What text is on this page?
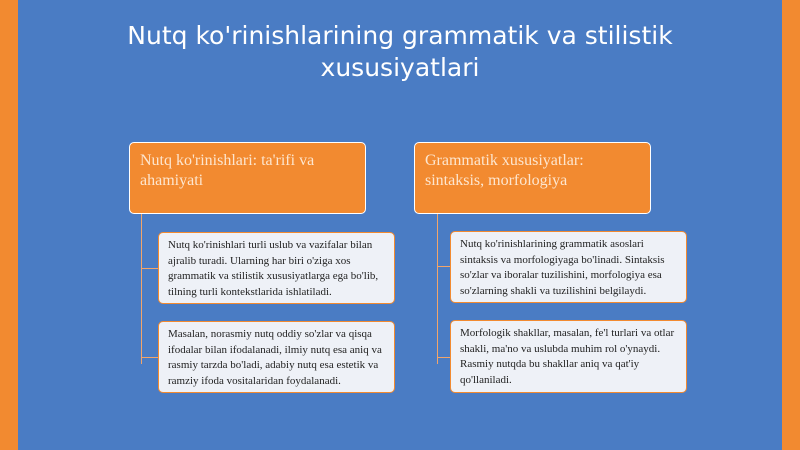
Nutq ko'rinishlarining grammatik va stilistik
xususiyatlari
Nutq ko'rinishlari: ta'rifi va ahamiyati
Nutq ko'rinishlari turli uslub va vazifalar bilan ajralib turadi. Ularning har biri o'ziga xos grammatik va stilistik xususiyatlarga ega bo'lib, tilning turli kontekstlarida ishlatiladi.
Masalan, norasmiy nutq oddiy so'zlar va qisqa ifodalar bilan ifodalanadi, ilmiy nutq esa aniq va rasmiy tarzda bo'ladi, adabiy nutq esa estetik va ramziy ifoda vositalaridan foydalanadi.
Grammatik xususiyatlar: sintaksis, morfologiya
Nutq ko'rinishlarining grammatik asoslari sintaksis va morfologiyaga bo'linadi. Sintaksis so'zlar va iboralar tuzilishini, morfologiya esa so'zlarning shakli va tuzilishini belgilaydi.
Morfologik shakllar, masalan, fe'l turlari va otlar shakli, ma'no va uslubda muhim rol o'ynaydi. Rasmiy nutqda bu shakllar aniq va qat'iy qo'llaniladi.
